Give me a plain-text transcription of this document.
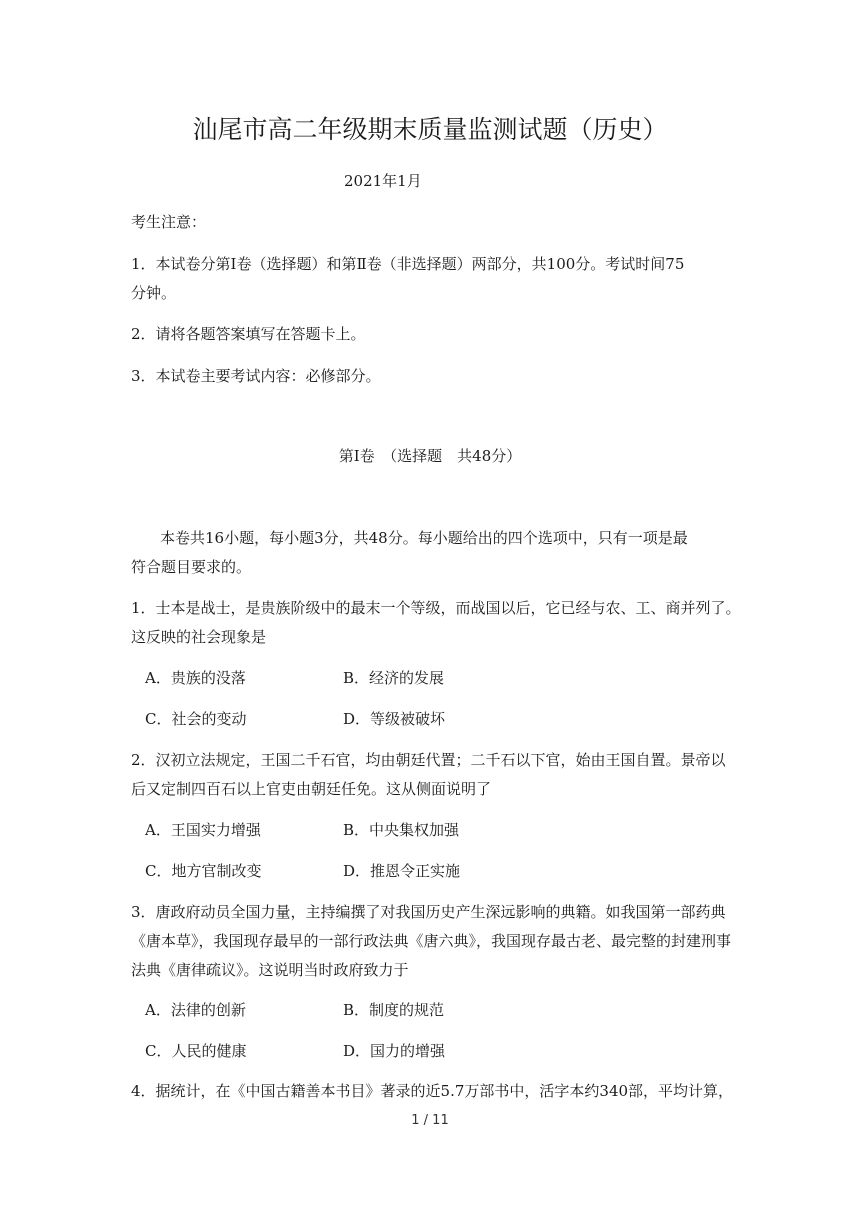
汕尾市高二年级期末质量监测试题（历史）
2021年1月
考生注意：
1．本试卷分第Ⅰ卷（选择题）和第Ⅱ卷（非选择题）两部分，共100分。考试时间75
分钟。
2．请将各题答案填写在答题卡上。
3．本试卷主要考试内容：必修部分。
第Ⅰ卷　（选择题　共48分）
本卷共16小题，每小题3分，共48分。每小题给出的四个选项中，只有一项是最
符合题目要求的。
1．士本是战士，是贵族阶级中的最末一个等级，而战国以后，它已经与农、工、商并列了。
这反映的社会现象是
A．贵族的没落	B．经济的发展
C．社会的变动	D．等级被破坏
2．汉初立法规定，王国二千石官，均由朝廷代置；二千石以下官，始由王国自置。景帝以
后又定制四百石以上官吏由朝廷任免。这从侧面说明了
A．王国实力增强	B．中央集权加强
C．地方官制改变	D．推恩令正实施
3．唐政府动员全国力量，主持编撰了对我国历史产生深远影响的典籍。如我国第一部药典
《唐本草》，我国现存最早的一部行政法典《唐六典》，我国现存最古老、最完整的封建刑事
法典《唐律疏议》。这说明当时政府致力于
A．法律的创新	B．制度的规范
C．人民的健康	D．国力的增强
4．据统计，在《中国古籍善本书目》著录的近5.7万部书中，活字本约340部，平均计算，
1 / 11
